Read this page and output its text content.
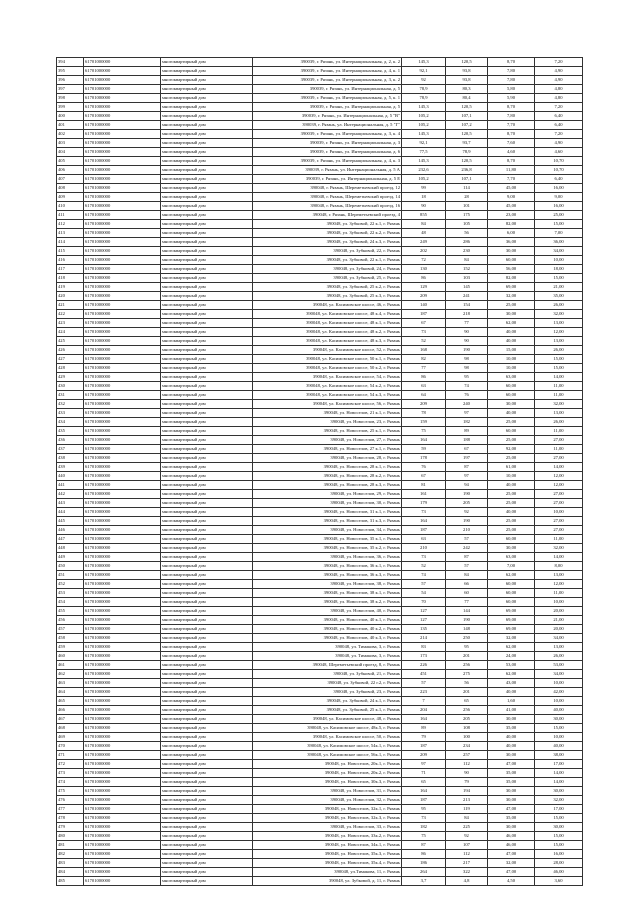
394	61701000000	многоквартирный дом	390039, г. Рязань, ул. Интернациональная, д. 2, к. 2	145,3	120,5	8,70	7,20
395	61701000000	многоквартирный дом	390039, г. Рязань, ул. Интернациональная, д. 4, к. 1	92,1	93,8	7,80	4,90
396	61701000000	многоквартирный дом	390039, г. Рязань, ул. Интернациональная, д. 3, к. 2	92	93,8	7,80	4,90
397	61701000000	многоквартирный дом	390039, г. Рязань, ул. Интернациональная, д. 5	78,9	80,3	5,80	4,80
398	61701000000	многоквартирный дом	390039, г. Рязань, ул. Интернациональная, д. 5, к. 1	78,9	80,4	5,90	4,80
399	61701000000	многоквартирный дом	390039, г. Рязань, ул. Интернациональная, д. 5	145,3	120,5	8,70	7,20
400	61701000000	многоквартирный дом	390039, г. Рязань, ул. Интернациональная, д. 5 "В"	105,2	107,1	7,80	6,40
401	61701000000	многоквартирный дом	390039, г. Рязань, ул. Интернациональная, д. 5 "Г"	105,2	107,2	7,70	6,40
402	61701000000	многоквартирный дом	390039, г. Рязань, ул. Интернациональная, д. 3, к. 4	145,3	120,5	8,70	7,20
403	61701000000	многоквартирный дом	390039, г. Рязань, ул. Интернациональная, д. 3	92,1	93,7	7,60	4,90
404	61701000000	многоквартирный дом	390039, г. Рязань, ул. Интернациональная, д. 6	77,5	78,9	4,60	4,60
405	61701000000	многоквартирный дом	390039, г. Рязань, ул. Интернациональная, д. 4, к. 3	145,3	120,5	8,70	10,70
406	61701000000	многоквартирный дом	390039, г. Рязань, ул. Интернациональная, д. 5 А	232,6	236,8	11,80	10,70
407	61701000000	многоквартирный дом	390039, г. Рязань, ул. Интернациональная, д. 5 Е	105,2	107,1	7,70	6,40
408	61701000000	многоквартирный дом	390048, г. Рязань, Шереметьевский проезд, 12	99	114	45,00	16,00
409	61701000000	многоквартирный дом	390048, г. Рязань, Шереметьевский проезд, 14	18	28	9,00	9,00
410	61701000000	многоквартирный дом	390048, г. Рязань, Шереметьевский проезд, 16	90	101	45,00	16,00
411	61701000000	многоквартирный дом	390048, г. Рязань, Шереметьевский проезд, 4	855	175	23,00	25,00
412	61701000000	многоквартирный дом	390048, ул. Зубковой, 22 к.1, г. Рязань	84	105	82,00	15,00
413	61701000000	многоквартирный дом	390048, ул. Зубковой, 22 к.2, г. Рязань	48	56	6,00	7,00
414	61701000000	многоквартирный дом	390048, ул. Зубковой, 24 к.3, г. Рязань	249	286	36,00	36,00
415	61701000000	многоквартирный дом	390048, ул. Зубковой, 22, г. Рязань	202	230	30,00	34,00
416	61701000000	многоквартирный дом	390048, ул. Зубковой, 22 к.1, г. Рязань	72	84	60,00	10,00
417	61701000000	многоквартирный дом	390048, ул. Зубковой, 24, г. Рязань	130	152	56,00	18,00
418	61701000000	многоквартирный дом	390048, ул. Зубковой, 25, г. Рязань	86	103	82,00	15,00
419	61701000000	многоквартирный дом	390048, ул. Зубковой, 25 к.2, г. Рязань	129	145	69,00	21,00
420	61701000000	многоквартирный дом	390048, ул. Зубковой, 25 к.3, г. Рязань	209	241	32,00	35,00
421	61701000000	многоквартирный дом	390048, ул. Касимовское шоссе, 46, г. Рязань	140	154	25,00	26,00
422	61701000000	многоквартирный дом	390048, ул. Касимовское шоссе, 48 к.4, г. Рязань	187	218	30,00	32,00
423	61701000000	многоквартирный дом	390048, ул. Касимовское шоссе, 48 к.1, г. Рязань	67	77	62,00	13,00
424	61701000000	многоквартирный дом	390048, ул. Касимовское шоссе, 48 к.2, г. Рязань	73	90	40,00	12,00
425	61701000000	многоквартирный дом	390048, ул. Касимовское шоссе, 48 к.3, г. Рязань	52	90	40,00	13,00
426	61701000000	многоквартирный дом	390048, ул. Касимовское шоссе, 52, г. Рязань	168	190	15,00	26,00
427	61701000000	многоквартирный дом	390048, ул. Касимовское шоссе, 50 к.1, г. Рязань	82	98	10,00	15,00
428	61701000000	многоквартирный дом	390048, ул. Касимовское шоссе, 50 к.2, г. Рязань	77	98	10,00	15,00
429	61701000000	многоквартирный дом	390048, ул. Касимовское шоссе, 54, г. Рязань	86	95	63,00	14,00
430	61701000000	многоквартирный дом	390048, ул. Касимовское шоссе, 54 к.2, г. Рязань	63	74	60,00	11,00
431	61701000000	многоквартирный дом	390048, ул. Касимовское шоссе, 54 к.3, г. Рязань	64	76	60,00	11,00
432	61701000000	многоквартирный дом	390048, ул. Касимовское шоссе, 56, г. Рязань	209	240	30,00	32,00
433	61701000000	многоквартирный дом	390048, ул. Новоселов, 21 к.1, г. Рязань	78	97	40,00	13,00
434	61701000000	многоквартирный дом	390048, ул. Новоселов, 23, г. Рязань	159	182	25,00	26,00
435	61701000000	многоквартирный дом	390048, ул. Новоселов, 25 к.1, г. Рязань	75	89	60,00	11,00
436	61701000000	многоквартирный дом	390048, ул. Новоселов, 27, г. Рязань	164	188	25,00	27,00
437	61701000000	многоквартирный дом	390048, ул. Новоселов, 27 к.1, г. Рязань	59	67	92,00	11,00
438	61701000000	многоквартирный дом	390048, ул. Новоселов, 28, г. Рязань	178	197	25,00	27,00
439	61701000000	многоквартирный дом	390048, ул. Новоселов, 28 к.1, г. Рязань	76	87	61,00	14,00
440	61701000000	многоквартирный дом	390048, ул. Новоселов, 28 к.2, г. Рязань	67	97	10,00	12,00
441	61701000000	многоквартирный дом	390048, ул. Новоселов, 28 к.3, г. Рязань	81	94	40,00	12,00
442	61701000000	многоквартирный дом	390048, ул. Новоселов, 29, г. Рязань	161	190	25,00	27,00
443	61701000000	многоквартирный дом	390048, ул. Новоселов, 30, г. Рязань	179	205	25,00	27,00
444	61701000000	многоквартирный дом	390048, ул. Новоселов, 31 к.1, г. Рязань	73	92	40,00	10,00
445	61701000000	многоквартирный дом	390048, ул. Новоселов, 31 к.3, г. Рязань	164	190	25,00	27,00
446	61701000000	многоквартирный дом	390048, ул. Новоселов, 34, г. Рязань	187	210	25,00	27,00
447	61701000000	многоквартирный дом	390048, ул. Новоселов, 35 к.1, г. Рязань	63	57	60,00	11,00
448	61701000000	многоквартирный дом	390048, ул. Новоселов, 35 к.2, г. Рязань	210	242	30,00	32,00
449	61701000000	многоквартирный дом	390048, ул. Новоселов, 36, г. Рязань	73	87	63,00	14,00
450	61701000000	многоквартирный дом	390048, ул. Новоселов, 36 к.1, г. Рязань	52	57	7,00	8,00
451	61701000000	многоквартирный дом	390048, ул. Новоселов, 36 к.3, г. Рязань	74	84	62,00	13,00
452	61701000000	многоквартирный дом	390048, ул. Новоселов, 38, г. Рязань	57	66	60,00	12,00
453	61701000000	многоквартирный дом	390048, ул. Новоселов, 38 к.1, г. Рязань	54	60	60,00	11,00
454	61701000000	многоквартирный дом	390048, ул. Новоселов, 38 к.2, г. Рязань	70	77	60,00	10,00
455	61701000000	многоквартирный дом	390048, ул. Новоселов, 40, г. Рязань	127	144	69,00	20,00
456	61701000000	многоквартирный дом	390048, ул. Новоселов, 40 к.1, г. Рязань	127	190	69,00	21,00
457	61701000000	многоквартирный дом	390048, ул. Новоселов, 40 к.2, г. Рязань	135	148	69,00	20,00
458	61701000000	многоквартирный дом	390048, ул. Новоселов, 40 к.3, г. Рязань	214	250	32,00	34,00
459	61701000000	многоквартирный дом	390048, ул. Тимакова, 3, г. Рязань	83	95	62,00	13,00
460	61701000000	многоквартирный дом	390048, ул. Тимакова, 3, г. Рязань	173	201	24,00	26,00
461	61701000000	многоквартирный дом	390048, Шереметьевский проезд, 8, г. Рязань	226	256	53,00	53,00
462	61701000000	многоквартирный дом	390048, ул. Зубковой, 21, г. Рязань	451	275	62,00	34,00
463	61701000000	многоквартирный дом	390048, ул. Зубковой, 22 г.2, г. Рязань	57	56	43,00	10,00
464	61701000000	многоквартирный дом	390048, ул. Зубковой, 23, г. Рязань	223	201	40,00	42,00
465	61701000000	многоквартирный дом	390048, ул. Зубковой, 24 к.1, г. Рязань	7	65	1,60	10,00
466	61701000000	многоквартирный дом	390048, ул. Зубковой, 25 к.1, г. Рязань	204	256	41,00	40,00
467	61701000000	многоквартирный дом	390048, ул. Касимовское шоссе, 48, г. Рязань	164	205	30,00	30,00
468	61701000000	многоквартирный дом	390048, ул. Касимовское шоссе, 48к.5, г. Рязань	89	108	35,00	15,00
469	61701000000	многоквартирный дом	390048, ул. Касимовское шоссе, 50, г. Рязань	79	100	40,00	10,00
470	61701000000	многоквартирный дом	390048, ул. Касимовское шоссе, 54к.1, г. Рязань	187	234	40,00	40,00
471	61701000000	многоквартирный дом	390048, ул. Касимовское шоссе, 56к.1, г. Рязань	209	257	30,00	38,00
472	61701000000	многоквартирный дом	390048, ул. Новоселов, 20к.1, г. Рязань	97	112	47,00	17,00
473	61701000000	многоквартирный дом	390048, ул. Новоселов, 20к.2, г. Рязань	71	90	35,00	14,00
474	61701000000	многоквартирный дом	390048, ул. Новоселов, 30к.3, г. Рязань	65	79	35,00	14,00
475	61701000000	многоквартирный дом	390048, ул. Новоселов, 31, г. Рязань	164	194	30,00	30,00
476	61701000000	многоквартирный дом	390048, ул. Новоселов, 32, г. Рязань	187	213	30,00	32,00
477	61701000000	многоквартирный дом	390048, ул. Новоселов, 32к.1, г. Рязань	95	119	47,00	17,00
478	61701000000	многоквартирный дом	390048, ул. Новоселов, 32к.3, г. Рязань	73	84	35,00	15,00
479	61701000000	многоквартирный дом	390048, ул. Новоселов, 33, г. Рязань	182	225	30,00	30,00
480	61701000000	многоквартирный дом	390048, ул. Новоселов, 33к.2, г. Рязань	75	92	46,00	15,00
481	61701000000	многоквартирный дом	390048, ул. Новоселов, 34к.1, г. Рязань	87	107	46,00	15,00
482	61701000000	многоквартирный дом	390048, ул. Новоселов, 35к.3, г. Рязань	86	112	47,00	16,00
483	61701000000	многоквартирный дом	390048, ул. Новоселов, 35к.4, г. Рязань	186	217	32,00	28,00
484	61701000000	многоквартирный дом	390048, ул.Тимакова, 11, г. Рязань	264	322	47,00	46,00
485	61701000000	многоквартирный дом	390048, ул. Зубковой, д. 11, г. Рязань	3,7	4,8	4,50	3,60
